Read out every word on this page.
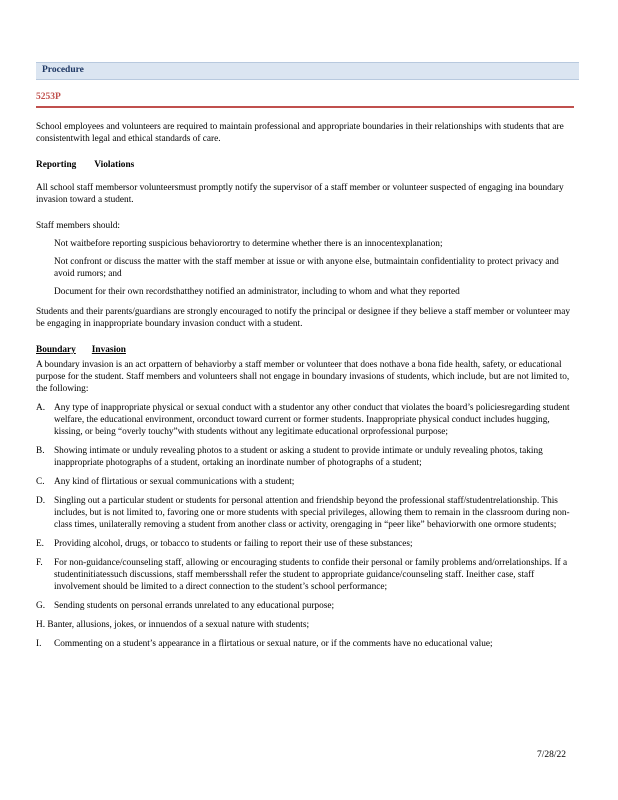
Procedure
5253P

School employees and volunteers are required to maintain professional and appropriate boundaries in their relationships with students that are consistentwith legal and ethical standards of care.

Reporting Violations

All school staff membersor volunteersmust promptly notify the supervisor of a staff member or volunteer suspected of engaging ina boundary invasion toward a student.

Staff members should:

Not waitbefore reporting suspicious behaviorortry to determine whether there is an innocentexplanation;
Not confront or discuss the matter with the staff member at issue or with anyone else, butmaintain confidentiality to protect privacy and avoid rumors; and
Document for their own recordsthatthey notified an administrator, including to whom and what they reported

Students and their parents/guardians are strongly encouraged to notify the principal or designee if they believe a staff member or volunteer may be engaging in inappropriate boundary invasion conduct with a student.

Boundary Invasion

A boundary invasion is an act orpattern of behaviorby a staff member or volunteer that does nothave a bona fide health, safety, or educational purpose for the student. Staff members and volunteers shall not engage in boundary invasions of students, which include, but are not limited to, the following:

A. Any type of inappropriate physical or sexual conduct with a studentor any other conduct that violates the board’s policiesregarding student welfare, the educational environment, orconduct toward current or former students. Inappropriate physical conduct includes hugging, kissing, or being “overly touchy”with students without any legitimate educational orprofessional purpose;
B. Showing intimate or unduly revealing photos to a student or asking a student to provide intimate or unduly revealing photos, taking inappropriate photographs of a student, ortaking an inordinate number of photographs of a student;
C. Any kind of flirtatious or sexual communications with a student;
D. Singling out a particular student or students for personal attention and friendship beyond the professional staff/studentrelationship. This includes, but is not limited to, favoring one or more students with special privileges, allowing them to remain in the classroom during non-class times, unilaterally removing a student from another class or activity, orengaging in “peer like” behaviorwith one ormore students;
E. Providing alcohol, drugs, or tobacco to students or failing to report their use of these substances;
F. For non-guidance/counseling staff, allowing or encouraging students to confide their personal or family problems and/orrelationships. If a studentinitiatessuch discussions, staff membersshall refer the student to appropriate guidance/counseling staff. Ineither case, staff involvement should be limited to a direct connection to the student’s school performance;
G. Sending students on personal errands unrelated to any educational purpose;

H. Banter, allusions, jokes, or innuendos of a sexual nature with students;

I. Commenting on a student’s appearance in a flirtatious or sexual nature, or if the comments have no educational value;
7/28/22
